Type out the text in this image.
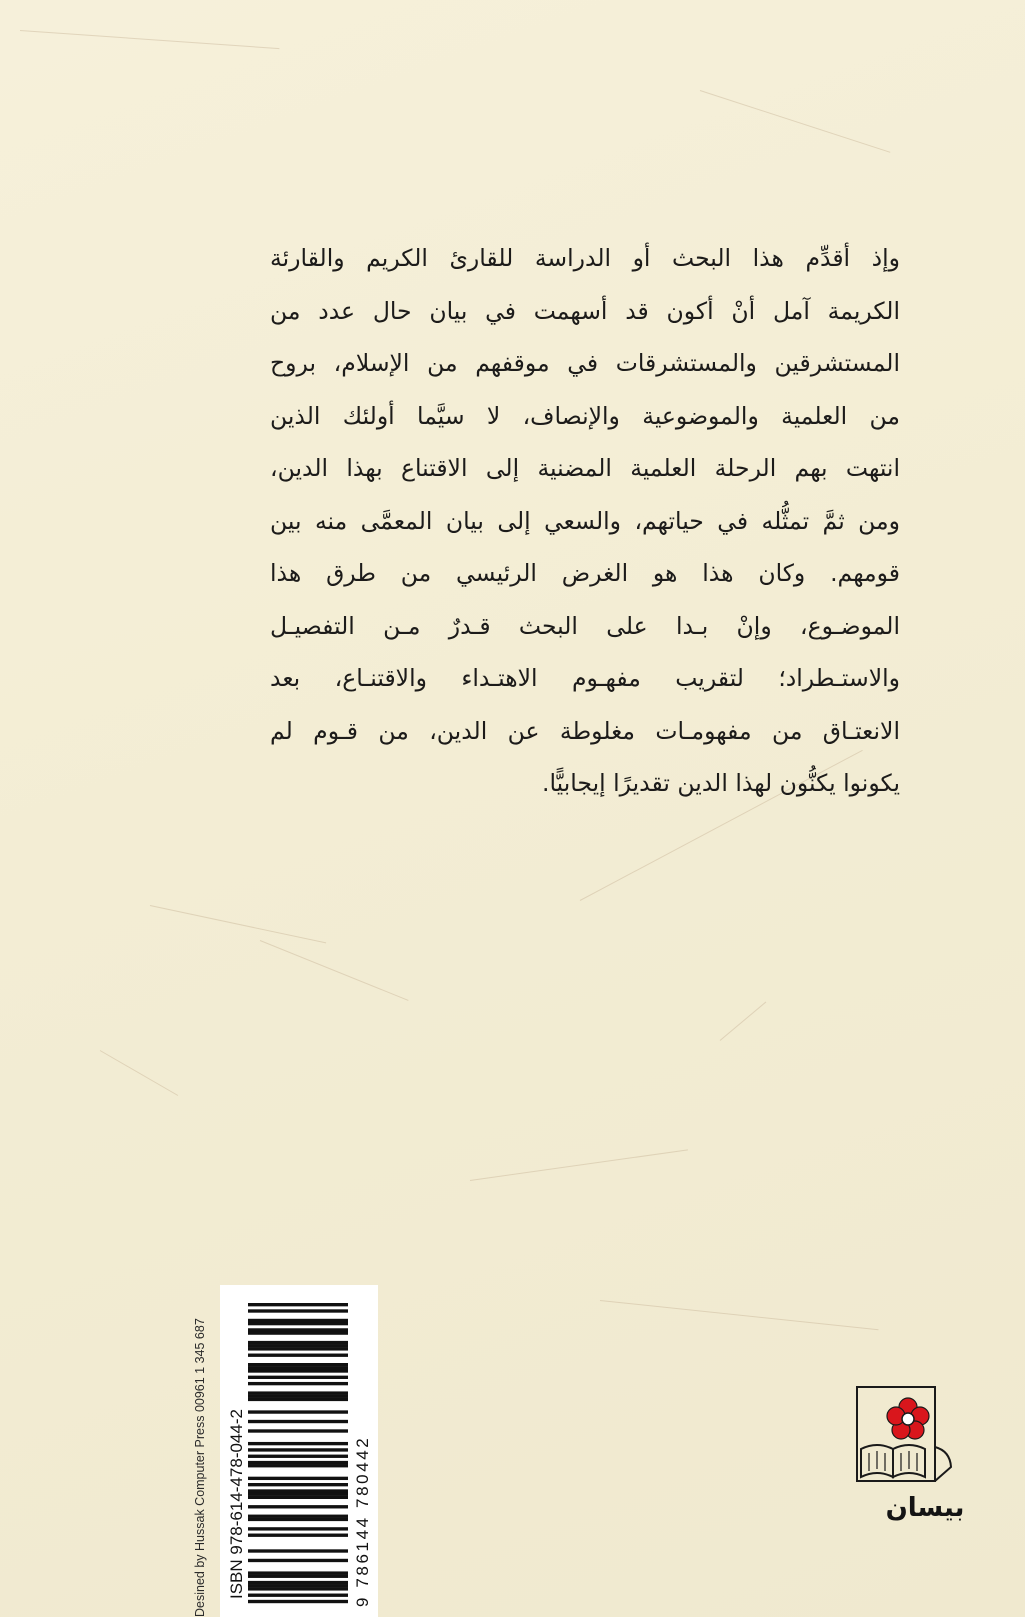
وإذ أقدِّم هذا البحث أو الدراسة للقارئ الكريم والقارئة
الكريمة آمل أنْ أكون قد أسهمت في بيان حال عدد من
المستشرقين والمستشرقات في موقفهم من الإسلام، بروح
من العلمية والموضوعية والإنصاف، لا سيَّما أولئك الذين
انتهت بهم الرحلة العلمية المضنية إلى الاقتناع بهذا الدين،
ومن ثمَّ تمثُّله في حياتهم، والسعي إلى بيان المعمَّى منه بين
قومهم. وكان هذا هو الغرض الرئيسي من طرق هذا
الموضـوع، وإنْ بـدا على البحث قـدرٌ مـن التفصيـل
والاستـطراد؛ لتقريب مفهـوم الاهتـداء والاقتنـاع، بعد
الانعتـاق من مفهومـات مغلوطة عن الدين، من قـوم لم
يكونوا يكنُّون لهذا الدين تقديرًا إيجابيًّا.
Desined by Hussak Computer Press 00961 1 345 687 ISBN 978-614-478-044-2	9 786144 780442	بيسان
